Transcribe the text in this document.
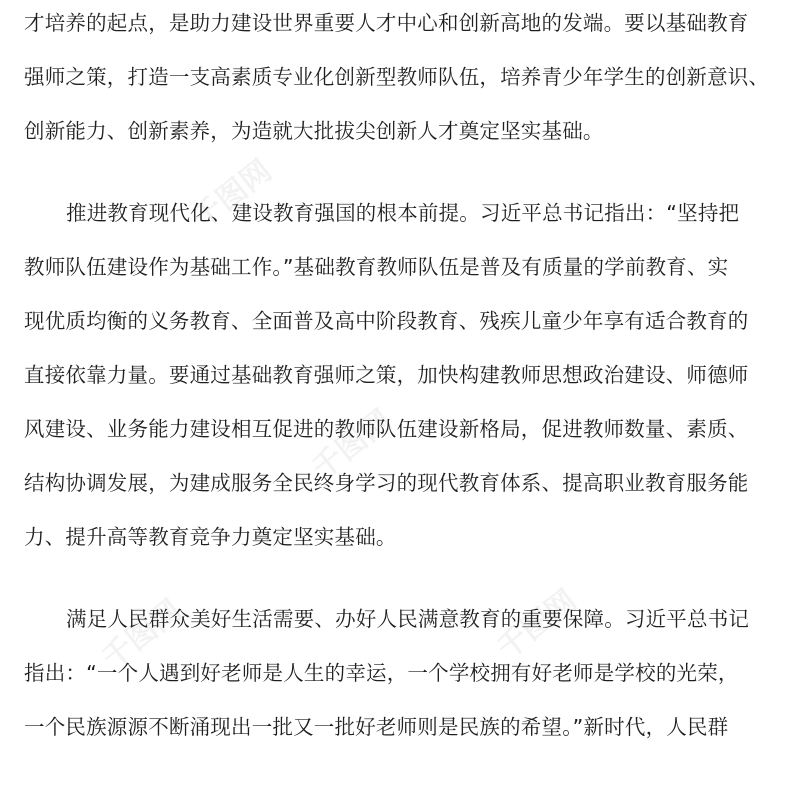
千图网
千图网
千图网	千图网
才培养的起点，是助力建设世界重要人才中心和创新高地的发端。要以基础教育
强师之策，打造一支高素质专业化创新型教师队伍，培养青少年学生的创新意识、
创新能力、创新素养，为造就大批拔尖创新人才奠定坚实基础。
推进教育现代化、建设教育强国的根本前提。习近平总书记指出：“坚持把
教师队伍建设作为基础工作。”基础教育教师队伍是普及有质量的学前教育、实
现优质均衡的义务教育、全面普及高中阶段教育、残疾儿童少年享有适合教育的
直接依靠力量。要通过基础教育强师之策，加快构建教师思想政治建设、师德师
风建设、业务能力建设相互促进的教师队伍建设新格局，促进教师数量、素质、
结构协调发展，为建成服务全民终身学习的现代教育体系、提高职业教育服务能
力、提升高等教育竞争力奠定坚实基础。
满足人民群众美好生活需要、办好人民满意教育的重要保障。习近平总书记
指出：“一个人遇到好老师是人生的幸运，一个学校拥有好老师是学校的光荣，
一个民族源源不断涌现出一批又一批好老师则是民族的希望。”新时代，人民群
